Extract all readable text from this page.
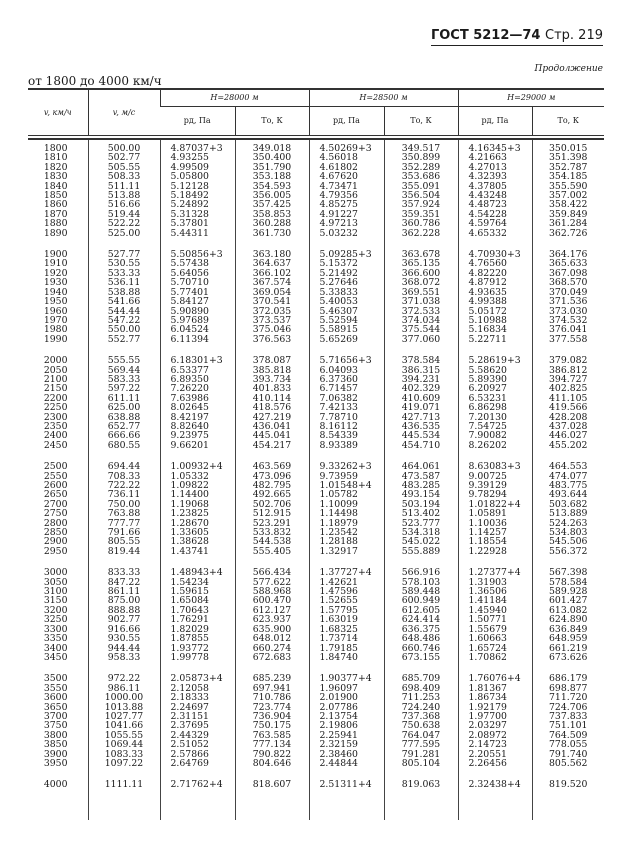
ГОСТ 5212—74 Стр. 219
Продолжение
от 1800 до 4000 км/ч
v, км/ч	v, м/с	H=28000 м		H=28500 м		H=29000 м	
		pд, Па	Tо, К	pд, Па	Tо, К	pд, Па	Tо, К

1800	500.00	4.87037+3	349.018	4.50269+3	349.517	4.16345+3	350.015
1810	502.77	4.93255	350.400	4.56018	350.899	4.21663	351.398
1820	505.55	4.99509	351.790	4.61802	352.289	4.27013	352.787
1830	508.33	5.05800	353.188	4.67620	353.686	4.32393	354.185
1840	511.11	5.12128	354.593	4.73471	355.091	4.37805	355.590
1850	513.88	5.18492	356.005	4.79356	356.504	4.43248	357.002
1860	516.66	5.24892	357.425	4.85275	357.924	4.48723	358.422
1870	519.44	5.31328	358.853	4.91227	359.351	4.54228	359.849
1880	522.22	5.37801	360.288	4.97213	360.786	4.59764	361.284
1890	525.00	5.44311	361.730	5.03232	362.228	4.65332	362.726

1900	527.77	5.50856+3	363.180	5.09285+3	363.678	4.70930+3	364.176
1910	530.55	5.57438	364.637	5.15372	365.135	4.76560	365.633
1920	533.33	5.64056	366.102	5.21492	366.600	4.82220	367.098
1930	536.11	5.70710	367.574	5.27646	368.072	4.87912	368.570
1940	538.88	5.77401	369.054	5.33833	369.551	4.93635	370.049
1950	541.66	5.84127	370.541	5.40053	371.038	4.99388	371.536
1960	544.44	5.90890	372.035	5.46307	372.533	5.05172	373.030
1970	547.22	5.97689	373.537	5.52594	374.034	5.10988	374.532
1980	550.00	6.04524	375.046	5.58915	375.544	5.16834	376.041
1990	552.77	6.11394	376.563	5.65269	377.060	5.22711	377.558

2000	555.55	6.18301+3	378.087	5.71656+3	378.584	5.28619+3	379.082
2050	569.44	6.53377	385.818	6.04093	386.315	5.58620	386.812
2100	583.33	6.89350	393.734	6.37360	394.231	5.89390	394.727
2150	597.22	7.26220	401.833	6.71457	402.329	6.20927	402.825
2200	611.11	7.63986	410.114	7.06382	410.609	6.53231	411.105
2250	625.00	8.02645	418.576	7.42133	419.071	6.86298	419.566
2300	638.88	8.42197	427.219	7.78710	427.713	7.20130	428.208
2350	652.77	8.82640	436.041	8.16112	436.535	7.54725	437.028
2400	666.66	9.23975	445.041	8.54339	445.534	7.90082	446.027
2450	680.55	9.66201	454.217	8.93389	454.710	8.26202	455.202

2500	694.44	1.00932+4	463.569	9.33262+3	464.061	8.63083+3	464.553
2550	708.33	1.05332	473.096	9.73959	473.587	9.00725	474.077
2600	722.22	1.09822	482.795	1.01548+4	483.285	9.39129	483.775
2650	736.11	1.14400	492.665	1.05782	493.154	9.78294	493.644
2700	750.00	1.19068	502.706	1.10099	503.194	1.01822+4	503.682
2750	763.88	1.23825	512.915	1.14498	513.402	1.05891	513.889
2800	777.77	1.28670	523.291	1.18979	523.777	1.10036	524.263
2850	791.66	1.33605	533.832	1.23542	534.318	1.14257	534.803
2900	805.55	1.38628	544.538	1.28188	545.022	1.18554	545.506
2950	819.44	1.43741	555.405	1.32917	555.889	1.22928	556.372

3000	833.33	1.48943+4	566.434	1.37727+4	566.916	1.27377+4	567.398
3050	847.22	1.54234	577.622	1.42621	578.103	1.31903	578.584
3100	861.11	1.59615	588.968	1.47596	589.448	1.36506	589.928
3150	875.00	1.65084	600.470	1.52655	600.949	1.41184	601.427
3200	888.88	1.70643	612.127	1.57795	612.605	1.45940	613.082
3250	902.77	1.76291	623.937	1.63019	624.414	1.50771	624.890
3300	916.66	1.82029	635.900	1.68325	636.375	1.55679	636.849
3350	930.55	1.87855	648.012	1.73714	648.486	1.60663	648.959
3400	944.44	1.93772	660.274	1.79185	660.746	1.65724	661.219
3450	958.33	1.99778	672.683	1.84740	673.155	1.70862	673.626

3500	972.22	2.05873+4	685.239	1.90377+4	685.709	1.76076+4	686.179
3550	986.11	2.12058	697.941	1.96097	698.409	1.81367	698.877
3600	1000.00	2.18333	710.786	2.01900	711.253	1.86734	711.720
3650	1013.88	2.24697	723.774	2.07786	724.240	1.92179	724.706
3700	1027.77	2.31151	736.904	2.13754	737.368	1.97700	737.833
3750	1041.66	2.37695	750.175	2.19806	750.638	2.03297	751.101
3800	1055.55	2.44329	763.585	2.25941	764.047	2.08972	764.509
3850	1069.44	2.51052	777.134	2.32159	777.595	2.14723	778.055
3900	1083.33	2.57866	790.822	2.38460	791.281	2.20551	791.740
3950	1097.22	2.64769	804.646	2.44844	805.104	2.26456	805.562

4000	1111.11	2.71762+4	818.607	2.51311+4	819.063	2.32438+4	819.520
